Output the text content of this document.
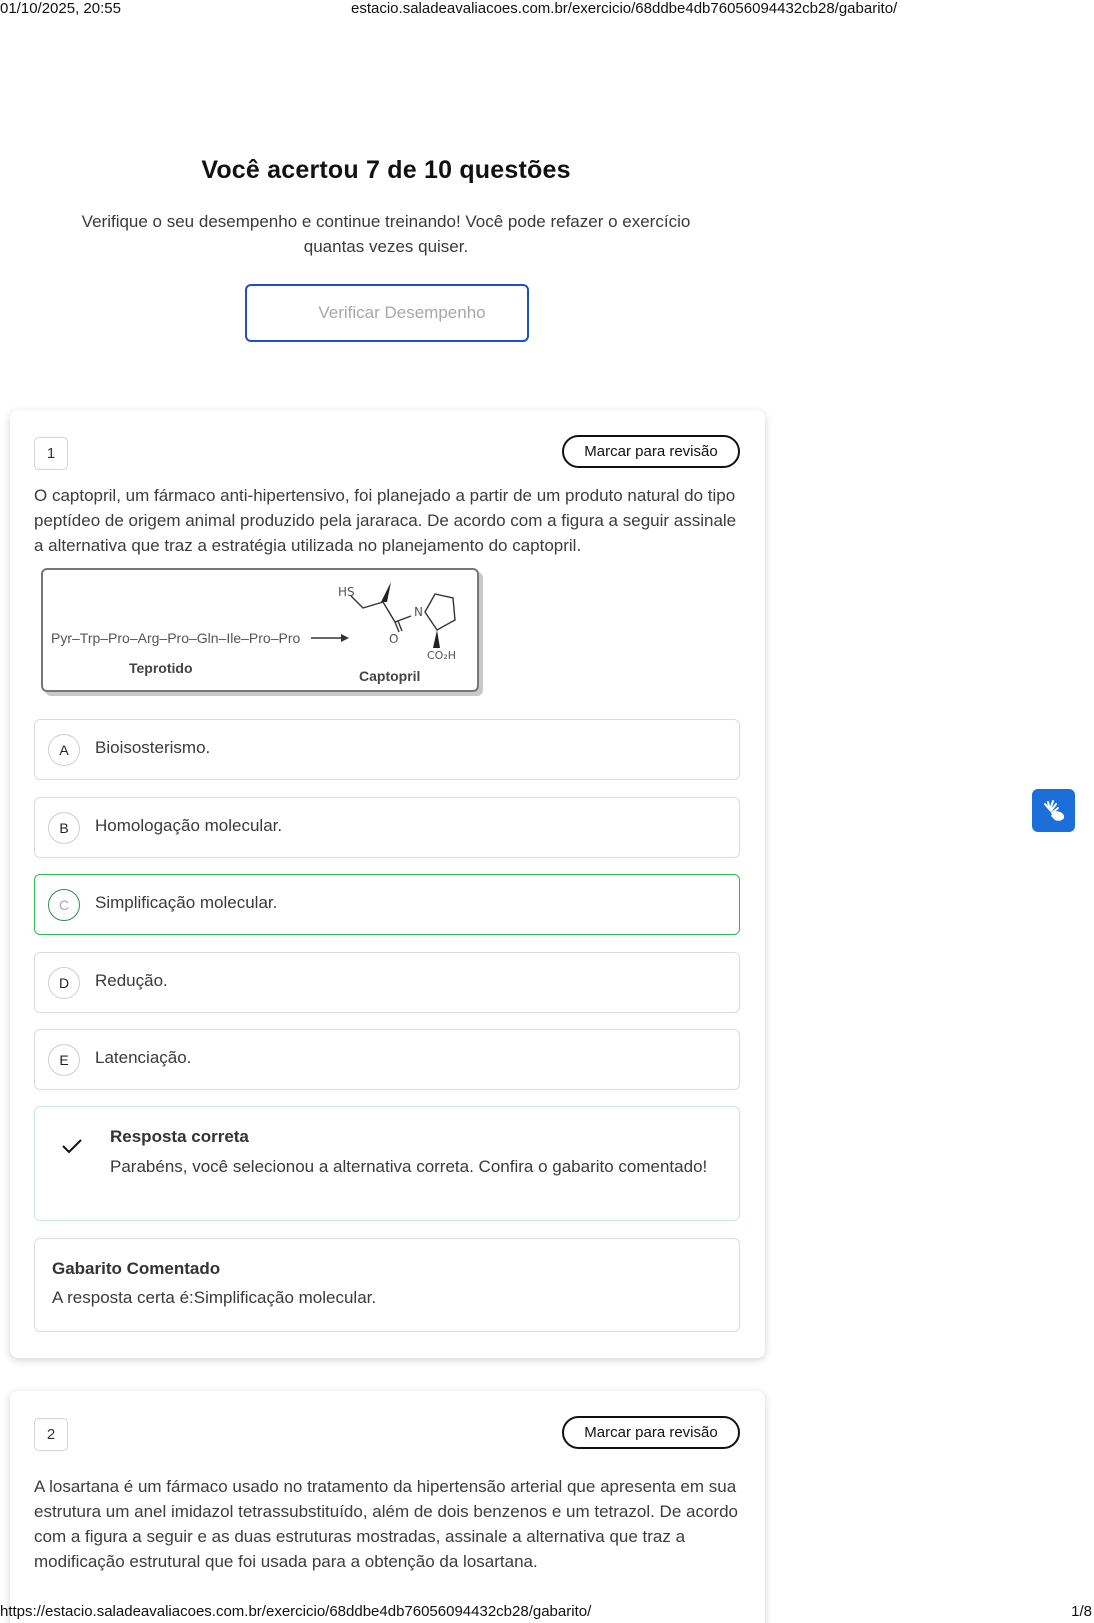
01/10/2025, 20:55	estacio.saladeavaliacoes.com.br/exercicio/68ddbe4db76056094432cb28/gabarito/
Você acertou 7 de 10 questões

Verifique o seu desempenho e continue treinando! Você pode refazer o exercício quantas vezes quiser.

Verificar Desempenho
1	Marcar para revisão

O captopril, um fármaco anti-hipertensivo, foi planejado a partir de um produto natural do tipo peptídeo de origem animal produzido pela jararaca. De acordo com a figura a seguir assinale a alternativa que traz a estratégia utilizada no planejamento do captopril.

HS
N
O
CO₂H
Pyr–Trp–Pro–Arg–Pro–Gln–Ile–Pro–Pro
Teprotido	Captopril
A	Bioisosterismo.
B	Homologação molecular.
C	Simplificação molecular.
D	Redução.
E	Latenciação.
Resposta correta

Parabéns, você selecionou a alternativa correta. Confira o gabarito comentado!

Gabarito Comentado
A resposta certa é:Simplificação molecular.
2	Marcar para revisão

A losartana é um fármaco usado no tratamento da hipertensão arterial que apresenta em sua estrutura um anel imidazol tetrassubstituído, além de dois benzenos e um tetrazol. De acordo com a figura a seguir e as duas estruturas mostradas, assinale a alternativa que traz a modificação estrutural que foi usada para a obtenção da losartana.

https://estacio.saladeavaliacoes.com.br/exercicio/68ddbe4db76056094432cb28/gabarito/	1/8
